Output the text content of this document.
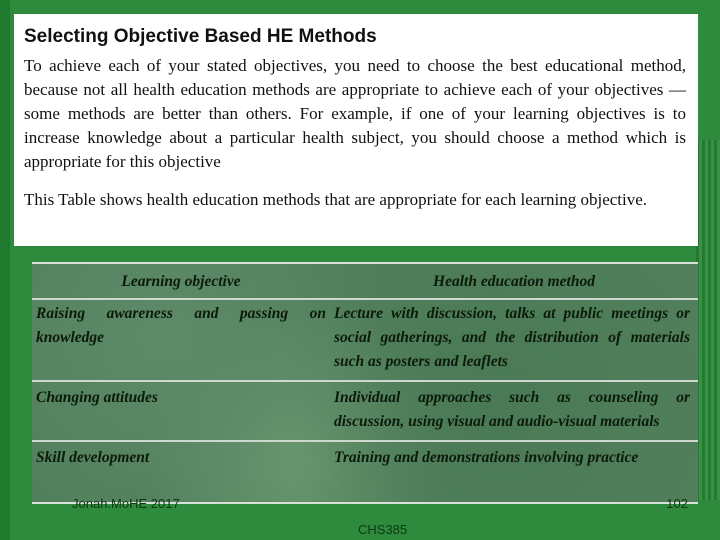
Selecting Objective Based HE Methods

To achieve each of your stated objectives, you need to choose the best educational method, because not all health education methods are appropriate to achieve each of your objectives — some methods are better than others. For example, if one of your learning objectives is to increase knowledge about a particular health subject, you should choose a method which is appropriate for this objective

This Table shows health education methods that are appropriate for each learning objective.

Learning objective	Health education method
Raising awareness and passing on knowledge	Lecture with discussion, talks at public meetings or social gatherings, and the distribution of materials such as posters and leaflets
Changing attitudes	Individual approaches such as counseling or discussion, using visual and audio-visual materials
Skill development	Training and demonstrations involving practice
Jonah.MoHE 2017	102
CHS385
